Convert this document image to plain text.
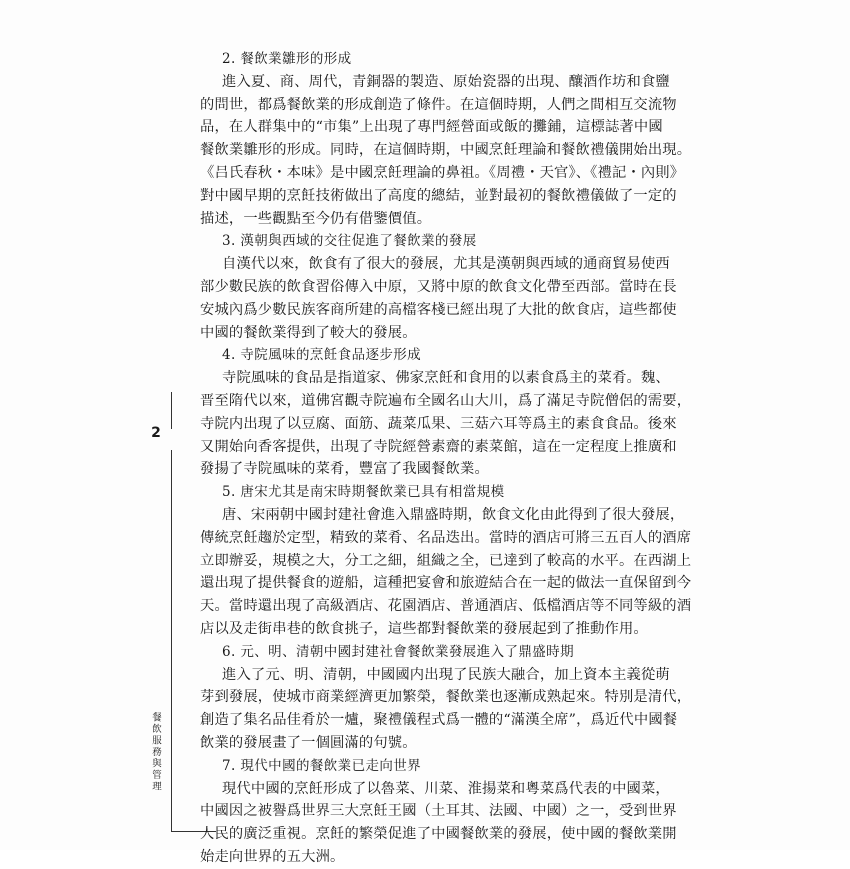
2
餐飲服務與管理

2. 餐飲業雛形的形成

進入夏、商、周代，青銅器的製造、原始瓷器的出現、釀酒作坊和食鹽
的問世，都爲餐飲業的形成創造了條件。在這個時期，人們之間相互交流物
品，在人群集中的“市集”上出現了專門經營面或飯的攤鋪，這標誌著中國
餐飲業雛形的形成。同時，在這個時期，中國烹飪理論和餐飲禮儀開始出現。
《吕氏春秋・本味》是中國烹飪理論的鼻祖。《周禮・天官》、《禮記・內則》
對中國早期的烹飪技術做出了高度的總結，並對最初的餐飲禮儀做了一定的
描述，一些觀點至今仍有借鑒價值。

3. 漢朝與西域的交往促進了餐飲業的發展

自漢代以來，飲食有了很大的發展，尤其是漢朝與西域的通商貿易使西
部少數民族的飲食習俗傳入中原，又將中原的飲食文化帶至西部。當時在長
安城內爲少數民族客商所建的高檔客棧已經出現了大批的飲食店，這些都使
中國的餐飲業得到了較大的發展。

4. 寺院風味的烹飪食品逐步形成

寺院風味的食品是指道家、佛家烹飪和食用的以素食爲主的菜肴。魏、
晋至隋代以來，道佛宮觀寺院遍布全國名山大川，爲了滿足寺院僧侶的需要，
寺院内出現了以豆腐、面筋、蔬菜瓜果、三菇六耳等爲主的素食食品。後來
又開始向香客提供，出現了寺院經營素齋的素菜館，這在一定程度上推廣和
發揚了寺院風味的菜肴，豐富了我國餐飲業。

5. 唐宋尤其是南宋時期餐飲業已具有相當規模

唐、宋兩朝中國封建社會進入鼎盛時期，飲食文化由此得到了很大發展，
傳統烹飪趨於定型，精致的菜肴、名品迭出。當時的酒店可將三五百人的酒席
立即辦妥，規模之大，分工之細，組織之全，已達到了較高的水平。在西湖上
還出現了提供餐食的遊船，這種把宴會和旅遊結合在一起的做法一直保留到今
天。當時還出現了高級酒店、花園酒店、普通酒店、低檔酒店等不同等級的酒
店以及走街串巷的飲食挑子，這些都對餐飲業的發展起到了推動作用。

6. 元、明、清朝中國封建社會餐飲業發展進入了鼎盛時期

進入了元、明、清朝，中國國内出現了民族大融合，加上資本主義從萌
芽到發展，使城市商業經濟更加繁榮，餐飲業也逐漸成熟起來。特別是清代，
創造了集名品佳肴於一爐，聚禮儀程式爲一體的“滿漢全席”，爲近代中國餐
飲業的發展畫了一個圓滿的句號。

7. 現代中國的餐飲業已走向世界

現代中國的烹飪形成了以魯菜、川菜、淮揚菜和粵菜爲代表的中國菜，
中國因之被譽爲世界三大烹飪王國（土耳其、法國、中國）之一，受到世界
人民的廣泛重視。烹飪的繁榮促進了中國餐飲業的發展，使中國的餐飲業開
始走向世界的五大洲。
